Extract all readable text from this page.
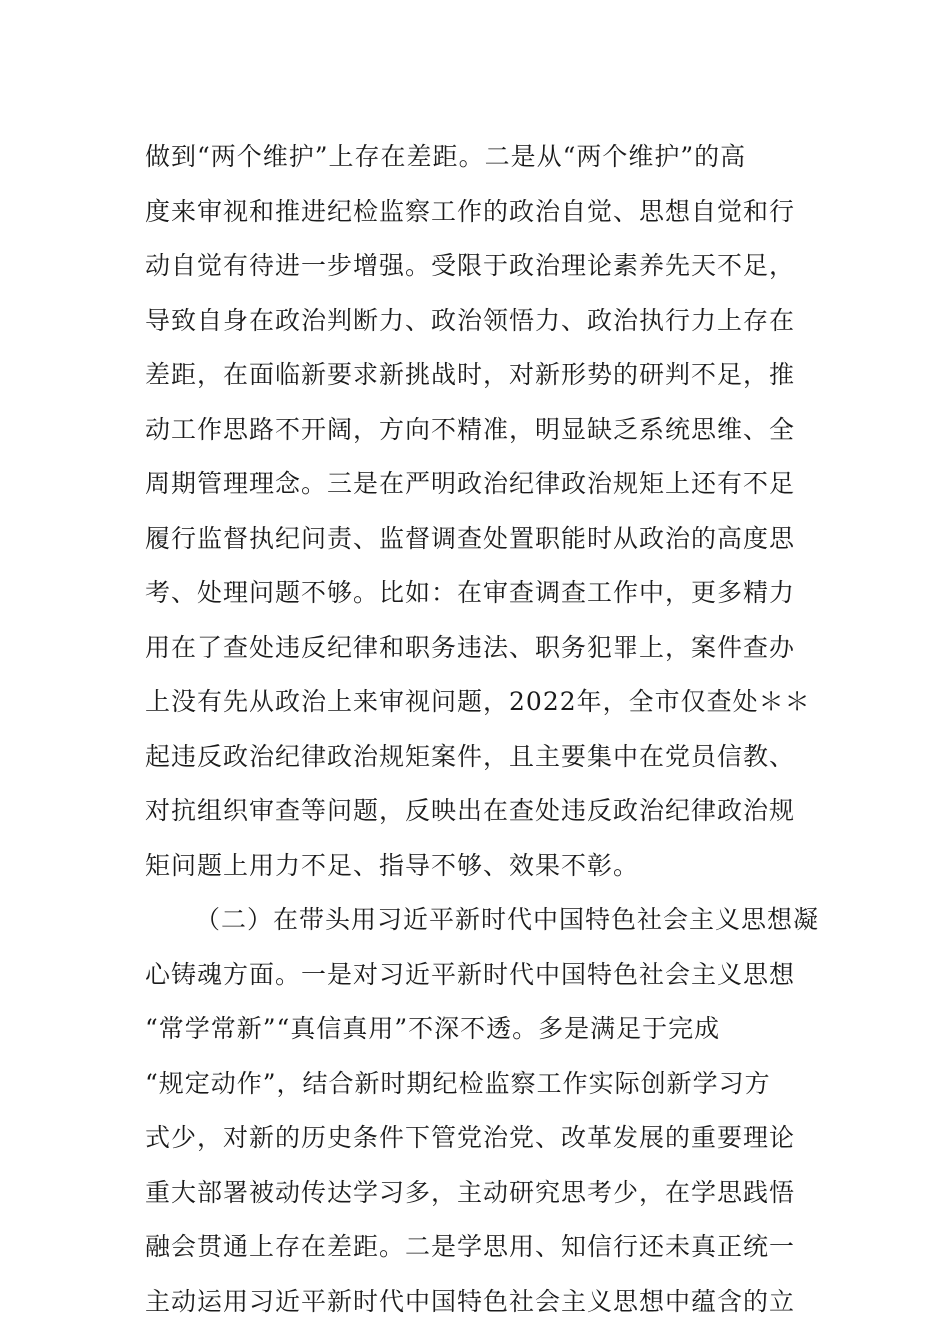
做到“两个维护”上存在差距。二是从“两个维护”的高
度来审视和推进纪检监察工作的政治自觉、思想自觉和行
动自觉有待进一步增强。受限于政治理论素养先天不足，
导致自身在政治判断力、政治领悟力、政治执行力上存在
差距，在面临新要求新挑战时，对新形势的研判不足，推
动工作思路不开阔，方向不精准，明显缺乏系统思维、全
周期管理理念。三是在严明政治纪律政治规矩上还有不足
履行监督执纪问责、监督调查处置职能时从政治的高度思
考、处理问题不够。比如：在审查调查工作中，更多精力
用在了查处违反纪律和职务违法、职务犯罪上，案件查办
上没有先从政治上来审视问题，2022年，全市仅查处＊＊
起违反政治纪律政治规矩案件，且主要集中在党员信教、
对抗组织审查等问题，反映出在查处违反政治纪律政治规
矩问题上用力不足、指导不够、效果不彰。
（二）在带头用习近平新时代中国特色社会主义思想凝
心铸魂方面。一是对习近平新时代中国特色社会主义思想
“常学常新”“真信真用”不深不透。多是满足于完成
“规定动作”，结合新时期纪检监察工作实际创新学习方
式少，对新的历史条件下管党治党、改革发展的重要理论
重大部署被动传达学习多，主动研究思考少，在学思践悟
融会贯通上存在差距。二是学思用、知信行还未真正统一
主动运用习近平新时代中国特色社会主义思想中蕴含的立
